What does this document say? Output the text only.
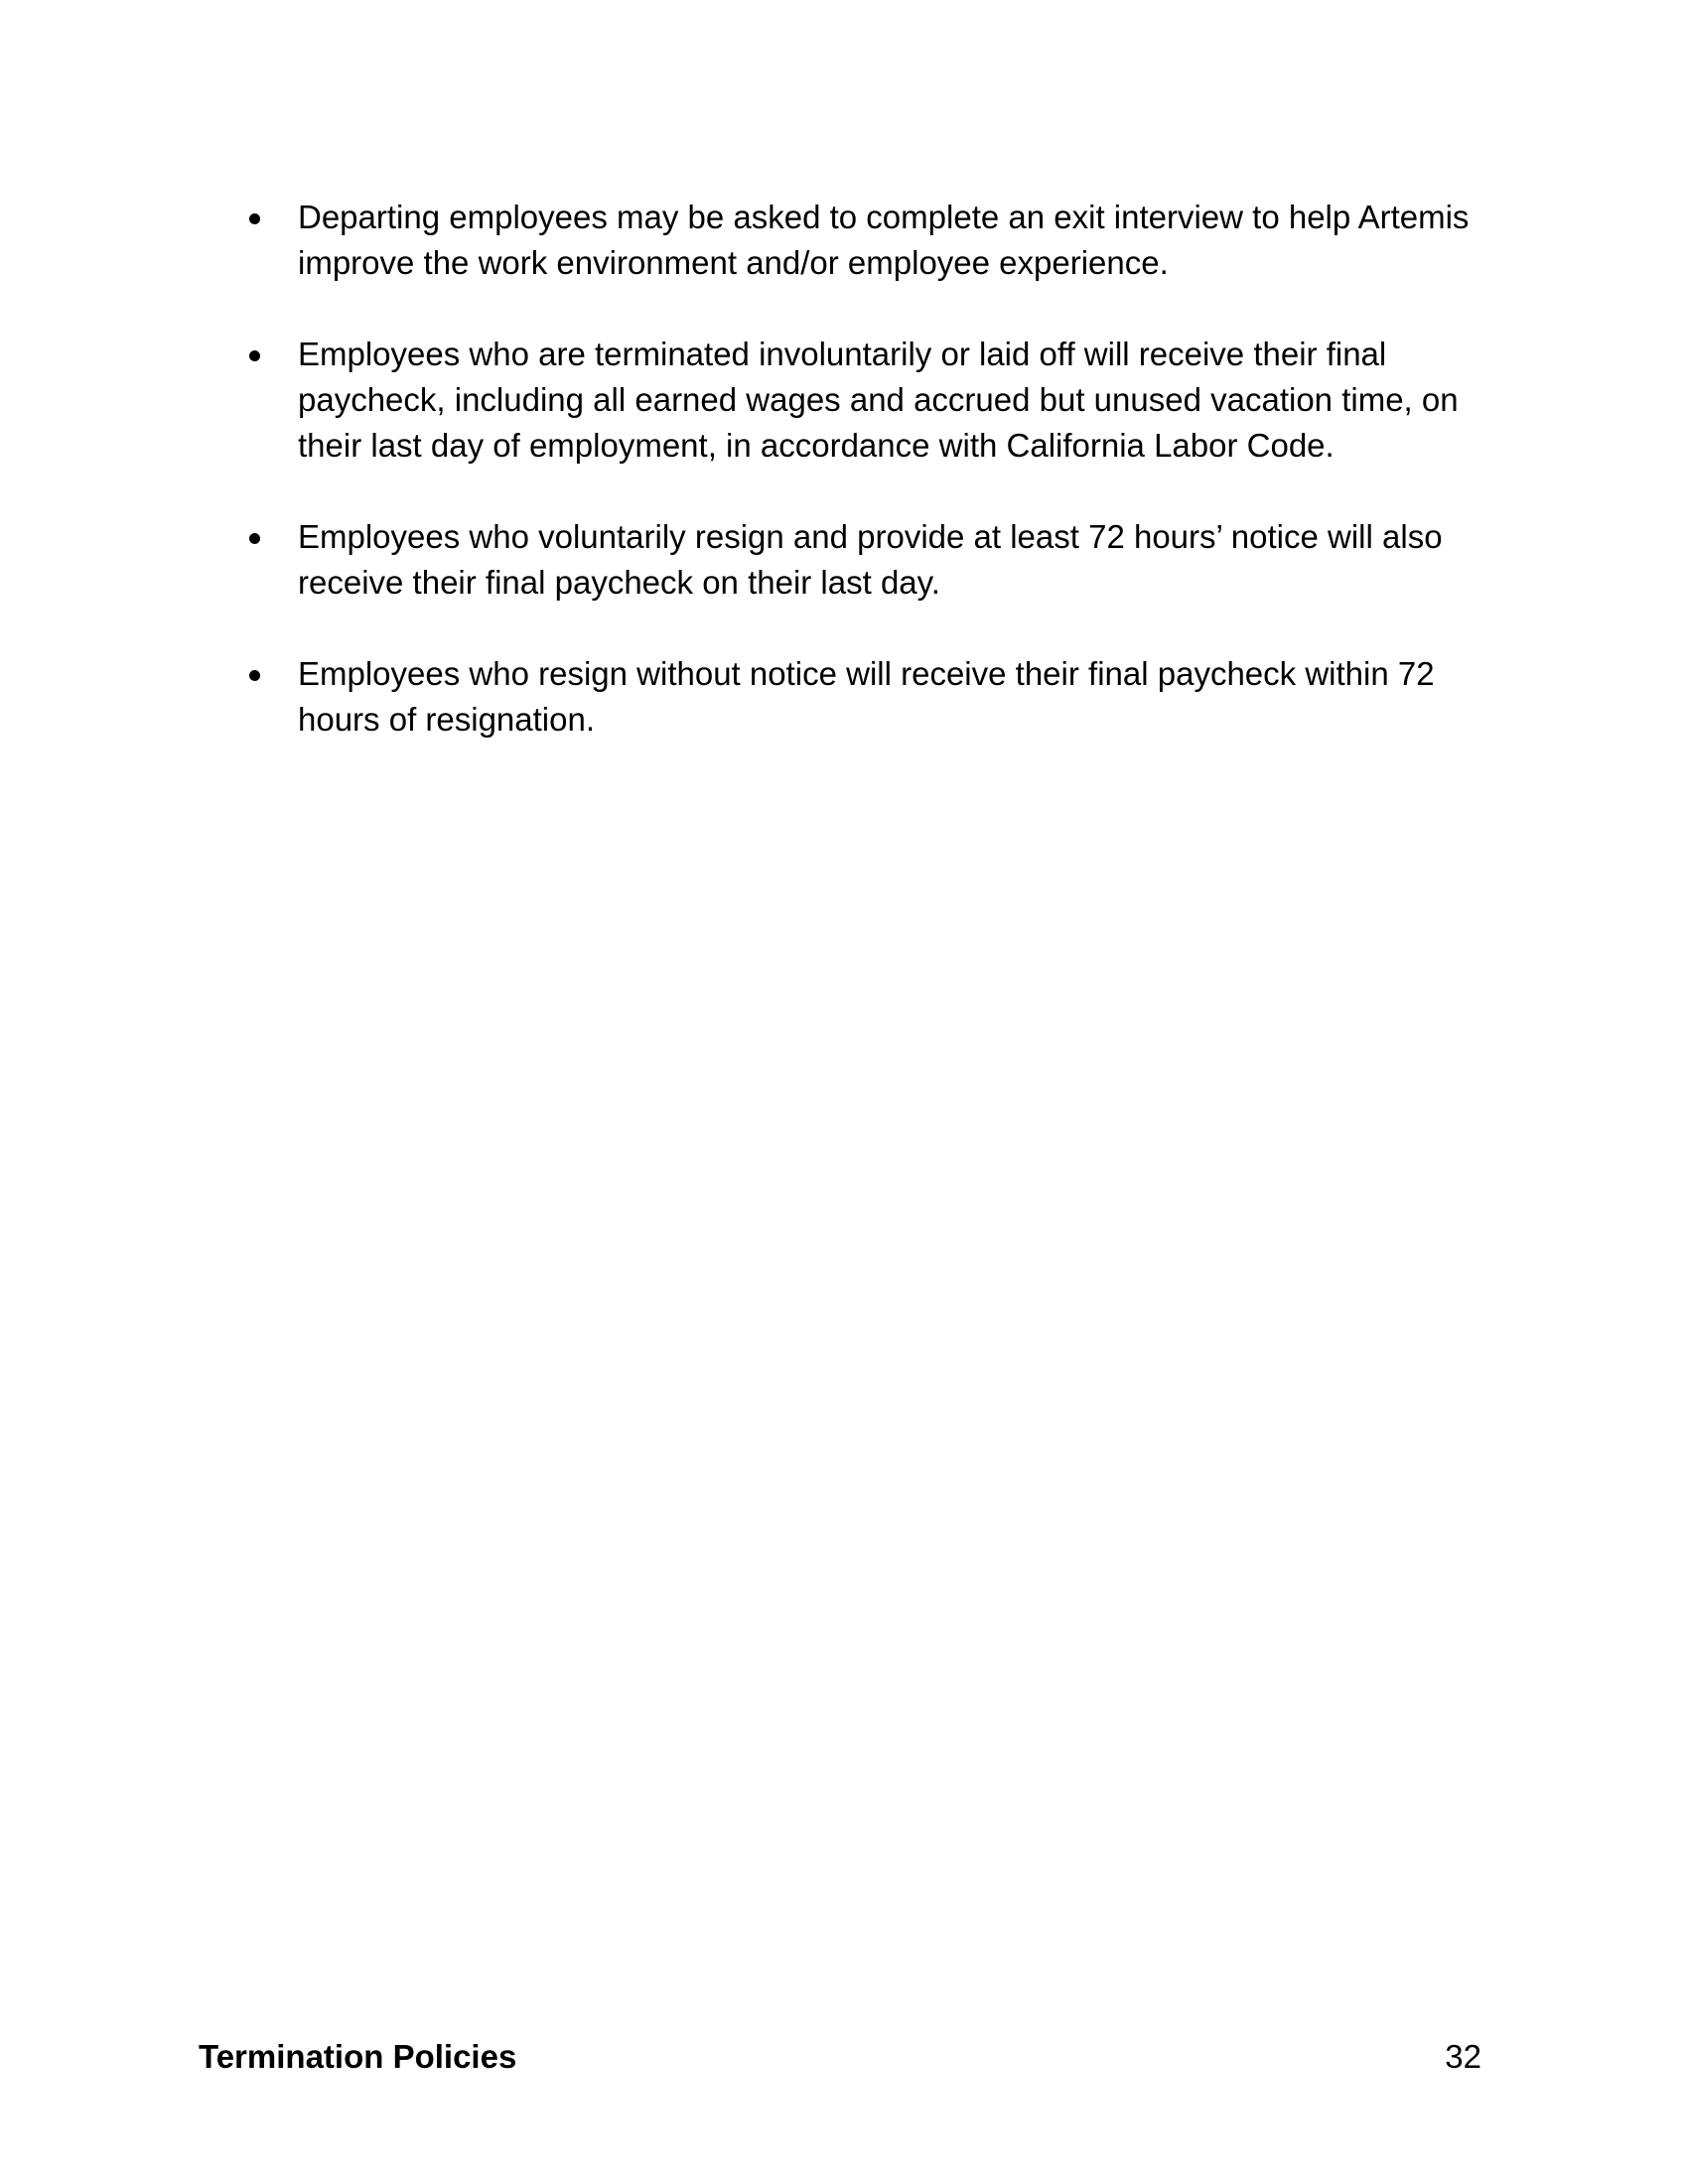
Departing employees may be asked to complete an exit interview to help Artemis improve the work environment and/or employee experience.
Employees who are terminated involuntarily or laid off will receive their final paycheck, including all earned wages and accrued but unused vacation time, on their last day of employment, in accordance with California Labor Code.
Employees who voluntarily resign and provide at least 72 hours’ notice will also receive their final paycheck on their last day.
Employees who resign without notice will receive their final paycheck within 72 hours of resignation.
Termination Policies	32
